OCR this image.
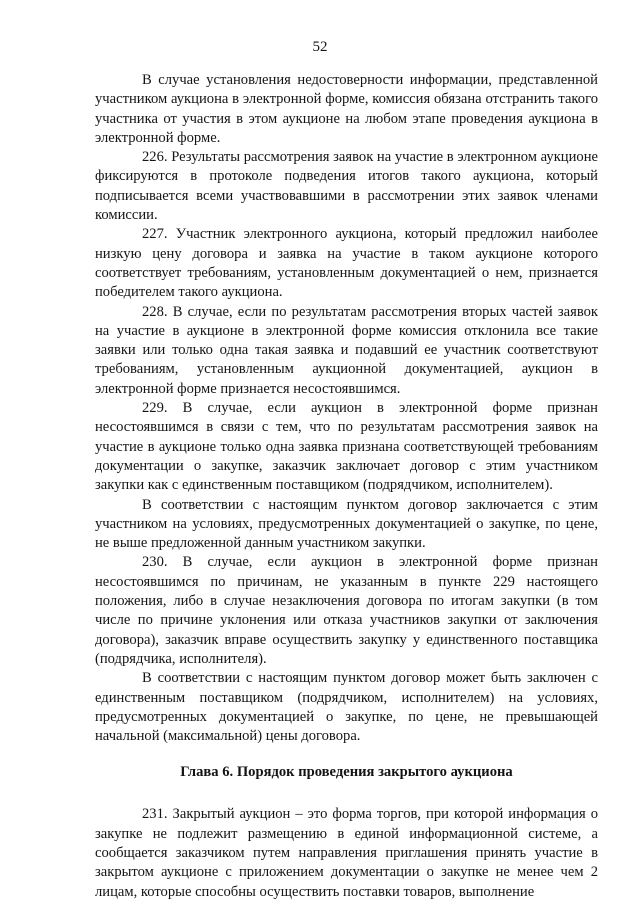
52

В случае установления недостоверности информации, представленной участником аукциона в электронной форме, комиссия обязана отстранить такого участника от участия в этом аукционе на любом этапе проведения аукциона в электронной форме.

226. Результаты рассмотрения заявок на участие в электронном аукционе фиксируются в протоколе подведения итогов такого аукциона, который подписывается всеми участвовавшими в рассмотрении этих заявок членами комиссии.

227. Участник электронного аукциона, который предложил наиболее низкую цену договора и заявка на участие в таком аукционе которого соответствует требованиям, установленным документацией о нем, признается победителем такого аукциона.

228. В случае, если по результатам рассмотрения вторых частей заявок на участие в аукционе в электронной форме комиссия отклонила все такие заявки или только одна такая заявка и подавший ее участник соответствуют требованиям, установленным аукционной документацией, аукцион в электронной форме признается несостоявшимся.

229. В случае, если аукцион в электронной форме признан несостоявшимся в связи с тем, что по результатам рассмотрения заявок на участие в аукционе только одна заявка признана соответствующей требованиям документации о закупке, заказчик заключает договор с этим участником закупки как с единственным поставщиком (подрядчиком, исполнителем).

В соответствии с настоящим пунктом договор заключается с этим участником на условиях, предусмотренных документацией о закупке, по цене, не выше предложенной данным участником закупки.

230. В случае, если аукцион в электронной форме признан несостоявшимся по причинам, не указанным в пункте 229 настоящего положения, либо в случае незаключения договора по итогам закупки (в том числе по причине уклонения или отказа участников закупки от заключения договора), заказчик вправе осуществить закупку у единственного поставщика (подрядчика, исполнителя).

В соответствии с настоящим пунктом договор может быть заключен с единственным поставщиком (подрядчиком, исполнителем) на условиях, предусмотренных документацией о закупке, по цене, не превышающей начальной (максимальной) цены договора.

Глава 6. Порядок проведения закрытого аукциона

231. Закрытый аукцион – это форма торгов, при которой информация о закупке не подлежит размещению в единой информационной системе, а сообщается заказчиком путем направления приглашения принять участие в закрытом аукционе с приложением документации о закупке не менее чем 2 лицам, которые способны осуществить поставки товаров, выполнение
